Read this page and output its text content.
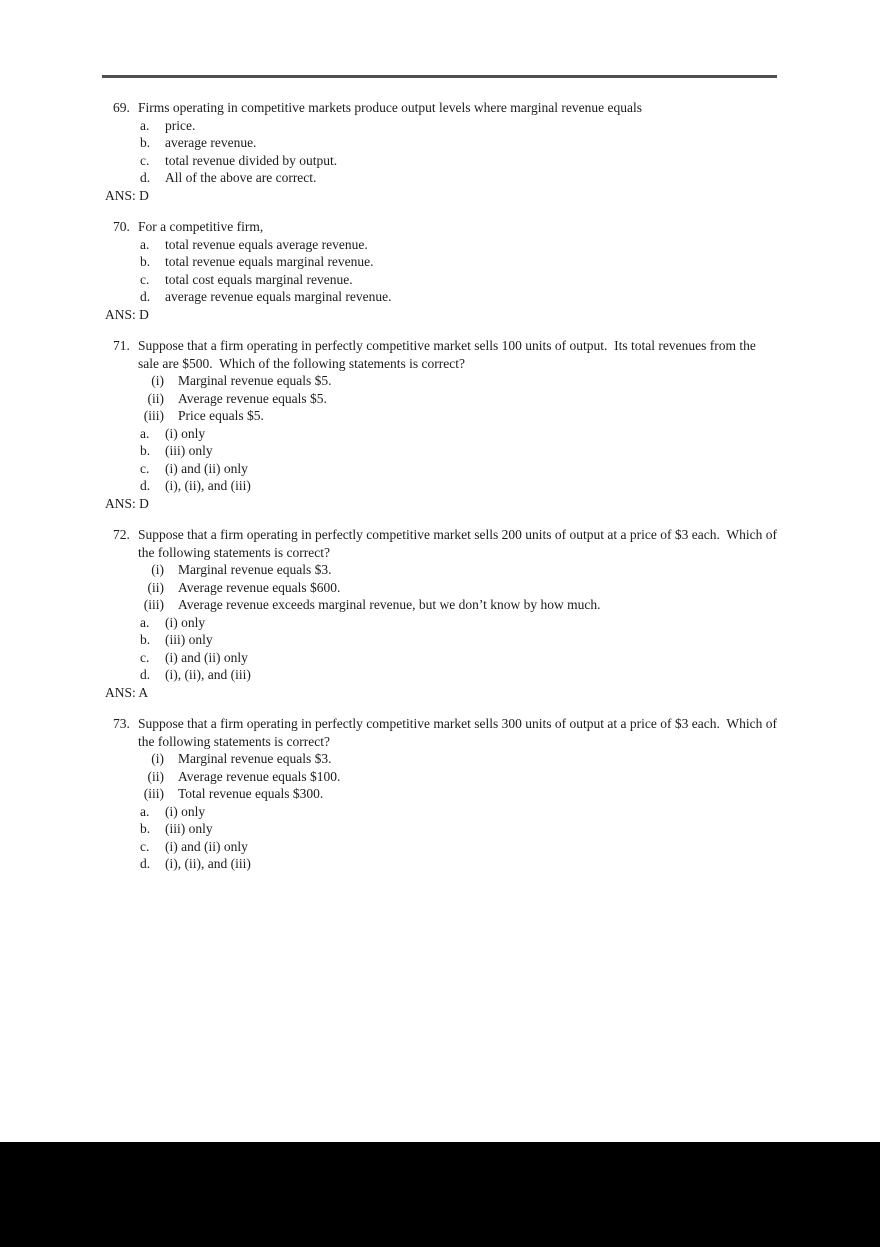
69. Firms operating in competitive markets produce output levels where marginal revenue equals
a.	price.
b.	average revenue.
c.	total revenue divided by output.
d.	All of the above are correct.
ANS: D
70. For a competitive firm,
a.	total revenue equals average revenue.
b.	total revenue equals marginal revenue.
c.	total cost equals marginal revenue.
d.	average revenue equals marginal revenue.
ANS: D
71. Suppose that a firm operating in perfectly competitive market sells 100 units of output.  Its total revenues from the sale are $500.  Which of the following statements is correct?
(i)	Marginal revenue equals $5.
(ii)	Average revenue equals $5.
(iii)	Price equals $5.
a.	(i) only
b.	(iii) only
c.	(i) and (ii) only
d.	(i), (ii), and (iii)
ANS: D
72. Suppose that a firm operating in perfectly competitive market sells 200 units of output at a price of $3 each.  Which of the following statements is correct?
(i)	Marginal revenue equals $3.
(ii)	Average revenue equals $600.
(iii)	Average revenue exceeds marginal revenue, but we don’t know by how much.
a.	(i) only
b.	(iii) only
c.	(i) and (ii) only
d.	(i), (ii), and (iii)
ANS: A
73. Suppose that a firm operating in perfectly competitive market sells 300 units of output at a price of $3 each.  Which of the following statements is correct?
(i)	Marginal revenue equals $3.
(ii)	Average revenue equals $100.
(iii)	Total revenue equals $300.
a.	(i) only
b.	(iii) only
c.	(i) and (ii) only
d.	(i), (ii), and (iii)
